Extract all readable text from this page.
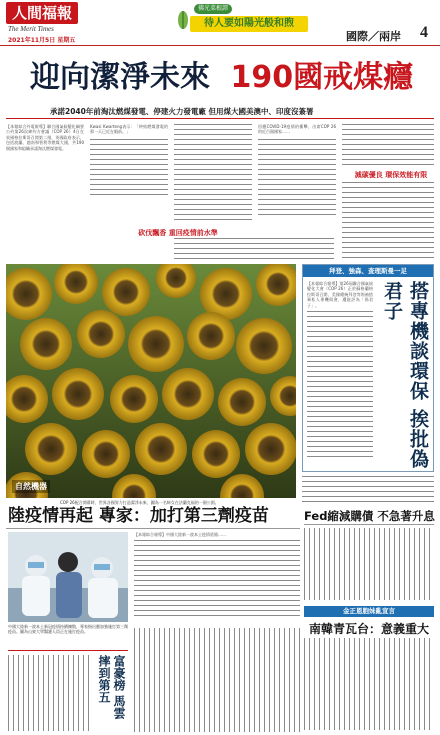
人間福報
The Merit Times
2021年11月5日 星期五
佛光菜根譚
待人要如陽光般和煦
國際／兩岸 4
迎向潔淨未來 190國戒煤癮
承諾2040年前淘汰燃煤發電、停建火力發電廠 但用煤大國美澳中、印度沒簽署
【本報綜合外電報導】聯合國氣候變化綱要公約第26次締約方會議（COP 26）4日在英國格拉斯哥召開第二週，英國政府表示，包括波蘭、越南和智利等燃煤大國，共190個國家和組織承諾淘汰燃煤發電。
Kwasi Kwarteng表示：「終結燃煤發電的那一天已近在眼前。」
回應COVID-19疫情的衝擊，出席COP 26的近百個國家……
減碳優良 環保效能有限
砍伐飄香 重回疫情前水準
自然機器
COP 26配合開幕時，世界各國努力打造潔淨未來，圖為一名婦女在法蘭克福的一個公園。
拜登、強森、查理斯曼一足
搭專機談環保 挨批偽君子
【本報綜合報導】第26屆聯合國氣候變化大會（COP 26）正於蘇格蘭格拉斯哥召開，美國總統拜登等領袖搭乘私人專機與會，遭批評為「偽君子」。
陸疫情再起 專家：加打第三劑疫苗
中國大陸新一波本土新冠疫情持續擴散，專家指出應加強施打第三劑疫苗。圖為山東大學醫護人員正在施打疫苗。
【本報綜合報導】中國大陸新一波本土疫情延燒……
富豪榜 馬雲摔到第五
Fed縮減購債 不急著升息
金正恩胞妹亂宣言
南韓青瓦台：意義重大
